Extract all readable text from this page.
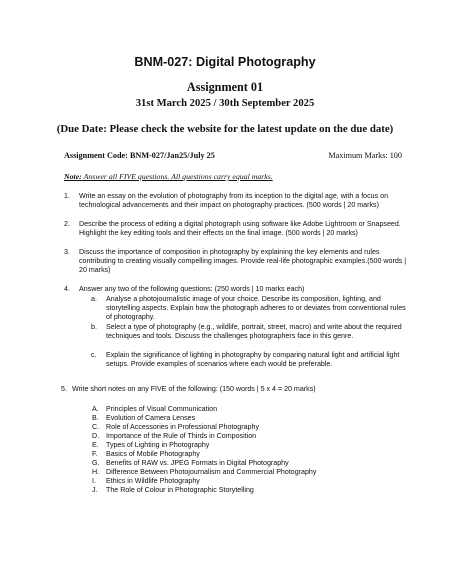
BNM-027: Digital Photography
Assignment 01
31st March 2025 / 30th September 2025
(Due Date: Please check the website for the latest update on the due date)
Assignment Code: BNM-027/Jan25/July 25	Maximum Marks: 100
Note: Answer all FIVE questions. All questions carry equal marks.
1.	Write an essay on the evolution of photography from its inception to the digital age, with a focus on technological advancements and their impact on photography practices. (500 words | 20 marks)
2.	Describe the process of editing a digital photograph using software like Adobe Lightroom or Snapseed. Highlight the key editing tools and their effects on the final image. (500 words | 20 marks)
3.	Discuss the importance of composition in photography by explaining the key elements and rules contributing to creating visually compelling images. Provide real-life photographic examples.(500 words | 20 marks)
4.	Answer any two of the following questions: (250 words | 10 marks each)
a.	Analyse a photojournalistic image of your choice. Describe its composition, lighting, and storytelling aspects. Explain how the photograph adheres to or deviates from conventional rules of photography.
b.	Select a type of photography (e.g., wildlife, portrait, street, macro) and write about the required techniques and tools. Discuss the challenges photographers face in this genre.
c.	Explain the significance of lighting in photography by comparing natural light and artificial light setups. Provide examples of scenarios where each would be preferable.
5. Write short notes on any FIVE of the following: (150 words | 5 x 4 = 20 marks)
A.	Principles of Visual Communication
B.	Evolution of Camera Lenses
C. Role of Accessories in Professional Photography
D. Importance of the Rule of Thirds in Composition
E.	Types of Lighting in Photography
F.	Basics of Mobile Photography
G. Benefits of RAW vs. JPEG Formats in Digital Photography
H. Difference Between Photojournalism and Commercial Photography
I.	Ethics in Wildlife Photography
J.	The Role of Colour in Photographic Storytelling
